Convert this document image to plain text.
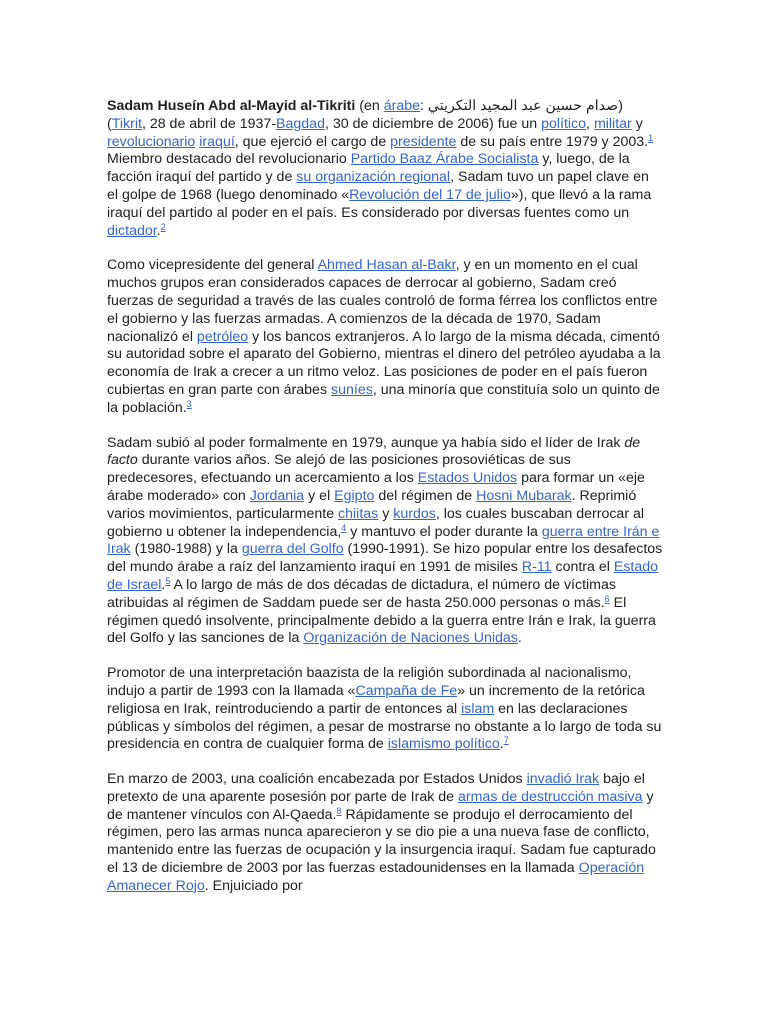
Sadam Huseín Abd al-Mayid al-Tikriti (en árabe: صدام حسين عبد المجيد التكريتي) (Tikrit, 28 de abril de 1937-Bagdad, 30 de diciembre de 2006) fue un político, militar y revolucionario iraquí, que ejerció el cargo de presidente de su país entre 1979 y 2003.$^1$ Miembro destacado del revolucionario Partido Baaz Árabe Socialista y, luego, de la facción iraquí del partido y de su organización regional, Sadam tuvo un papel clave en el golpe de 1968 (luego denominado «Revolución del 17 de julio»), que llevó a la rama iraquí del partido al poder en el país. Es considerado por diversas fuentes como un dictador.$^2$

Como vicepresidente del general Ahmed Hasan al-Bakr, y en un momento en el cual muchos grupos eran considerados capaces de derrocar al gobierno, Sadam creó fuerzas de seguridad a través de las cuales controló de forma férrea los conflictos entre el gobierno y las fuerzas armadas. A comienzos de la década de 1970, Sadam nacionalizó el petróleo y los bancos extranjeros. A lo largo de la misma década, cimentó su autoridad sobre el aparato del Gobierno, mientras el dinero del petróleo ayudaba a la economía de Irak a crecer a un ritmo veloz. Las posiciones de poder en el país fueron cubiertas en gran parte con árabes suníes, una minoría que constituía solo un quinto de la población.$^3$

Sadam subió al poder formalmente en 1979, aunque ya había sido el líder de Irak de facto durante varios años. Se alejó de las posiciones prosoviéticas de sus predecesores, efectuando un acercamiento a los Estados Unidos para formar un «eje árabe moderado» con Jordania y el Egipto del régimen de Hosni Mubarak. Reprimió varios movimientos, particularmente chiitas y kurdos, los cuales buscaban derrocar al gobierno u obtener la independencia,$^4$ y mantuvo el poder durante la guerra entre Irán e Irak (1980-1988) y la guerra del Golfo (1990-1991). Se hizo popular entre los desafectos del mundo árabe a raíz del lanzamiento iraquí en 1991 de misiles R-11 contra el Estado de Israel.$^5$ A lo largo de más de dos décadas de dictadura, el número de víctimas atribuidas al régimen de Saddam puede ser de hasta 250.000 personas o más.$^6$ El régimen quedó insolvente, principalmente debido a la guerra entre Irán e Irak, la guerra del Golfo y las sanciones de la Organización de Naciones Unidas.

Promotor de una interpretación baazista de la religión subordinada al nacionalismo, indujo a partir de 1993 con la llamada «Campaña de Fe» un incremento de la retórica religiosa en Irak, reintroduciendo a partir de entonces al islam en las declaraciones públicas y símbolos del régimen, a pesar de mostrarse no obstante a lo largo de toda su presidencia en contra de cualquier forma de islamismo político.$^7$

En marzo de 2003, una coalición encabezada por Estados Unidos invadió Irak bajo el pretexto de una aparente posesión por parte de Irak de armas de destrucción masiva y de mantener vínculos con Al-Qaeda.$^8$ Rápidamente se produjo el derrocamiento del régimen, pero las armas nunca aparecieron y se dio pie a una nueva fase de conflicto, mantenido entre las fuerzas de ocupación y la insurgencia iraquí. Sadam fue capturado el 13 de diciembre de 2003 por las fuerzas estadounidenses en la llamada Operación Amanecer Rojo. Enjuiciado por
